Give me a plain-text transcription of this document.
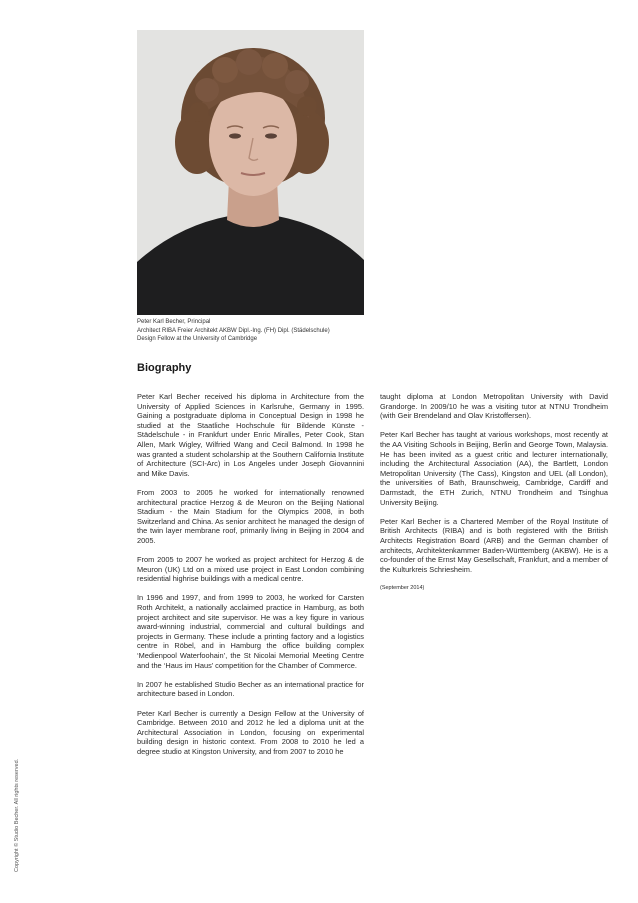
Peter Karl Becher, Principal
Architect RIBA Freier Architekt AKBW Dipl.-Ing. (FH) Dipl. (Städelschule)
Design Fellow at the University of Cambridge
Biography

Peter Karl Becher received his diploma in Architecture from the University of Applied Sciences in Karlsruhe, Germany in 1995. Gaining a postgraduate diploma in Conceptual Design in 1998 he studied at the Staatliche Hochschule für Bildende Künste - Städelschule - in Frankfurt under Enric Miralles, Peter Cook, Stan Allen, Mark Wigley, Wilfried Wang and Cecil Balmond. In 1998 he was granted a student scholarship at the Southern California Institute of Architecture (SCI-Arc) in Los Angeles under Joseph Giovannini and Mike Davis.

From 2003 to 2005 he worked for internationally renowned architectural practice Herzog & de Meuron on the Beijing National Stadium - the Main Stadium for the Olympics 2008, in both Switzerland and China. As senior architect he managed the design of the twin layer membrane roof, primarily living in Beijing in 2004 and 2005.

From 2005 to 2007 he worked as project architect for Herzog & de Meuron (UK) Ltd on a mixed use project in East London combining residential highrise buildings with a medical centre.

In 1996 and 1997, and from 1999 to 2003, he worked for Carsten Roth Architekt, a nationally acclaimed practice in Hamburg, as both project architect and site supervisor. He was a key figure in various award-winning industrial, commercial and cultural buildings and projects in Germany. These include a printing factory and a logistics centre in Röbel, and in Hamburg the office building complex ‘Medienpool Waterfoohain’, the St Nicolai Memorial Meeting Centre and the ‘Haus im Haus’ competition for the Chamber of Commerce.

In 2007 he established Studio Becher as an international practice for architecture based in London.

Peter Karl Becher is currently a Design Fellow at the University of Cambridge. Between 2010 and 2012 he led a diploma unit at the Architectural Association in London, focusing on experimental building design in historic context. From 2008 to 2010 he led a degree studio at Kingston University, and from 2007 to 2010 he

taught diploma at London Metropolitan University with David Grandorge. In 2009/10 he was a visiting tutor at NTNU Trondheim (with Geir Brendeland and Olav Kristoffersen).

Peter Karl Becher has taught at various workshops, most recently at the AA Visiting Schools in Beijing, Berlin and George Town, Malaysia. He has been invited as a guest critic and lecturer internationally, including the Architectural Association (AA), the Bartlett, London Metropolitan University (The Cass), Kingston and UEL (all London), the universities of Bath, Braunschweig, Cambridge, Cardiff and Darmstadt, the ETH Zurich, NTNU Trondheim and Tsinghua University Beijing.

Peter Karl Becher is a Chartered Member of the Royal Institute of British Architects (RIBA) and is both registered with the British Architects Registration Board (ARB) and the German chamber of architects, Architektenkammer Baden-Württemberg (AKBW). He is a co-founder of the Ernst May Gesellschaft, Frankfurt, and a member of the Kulturkreis Schriesheim.

(September 2014)

Copyright © Studio Becher. All rights reserved.
